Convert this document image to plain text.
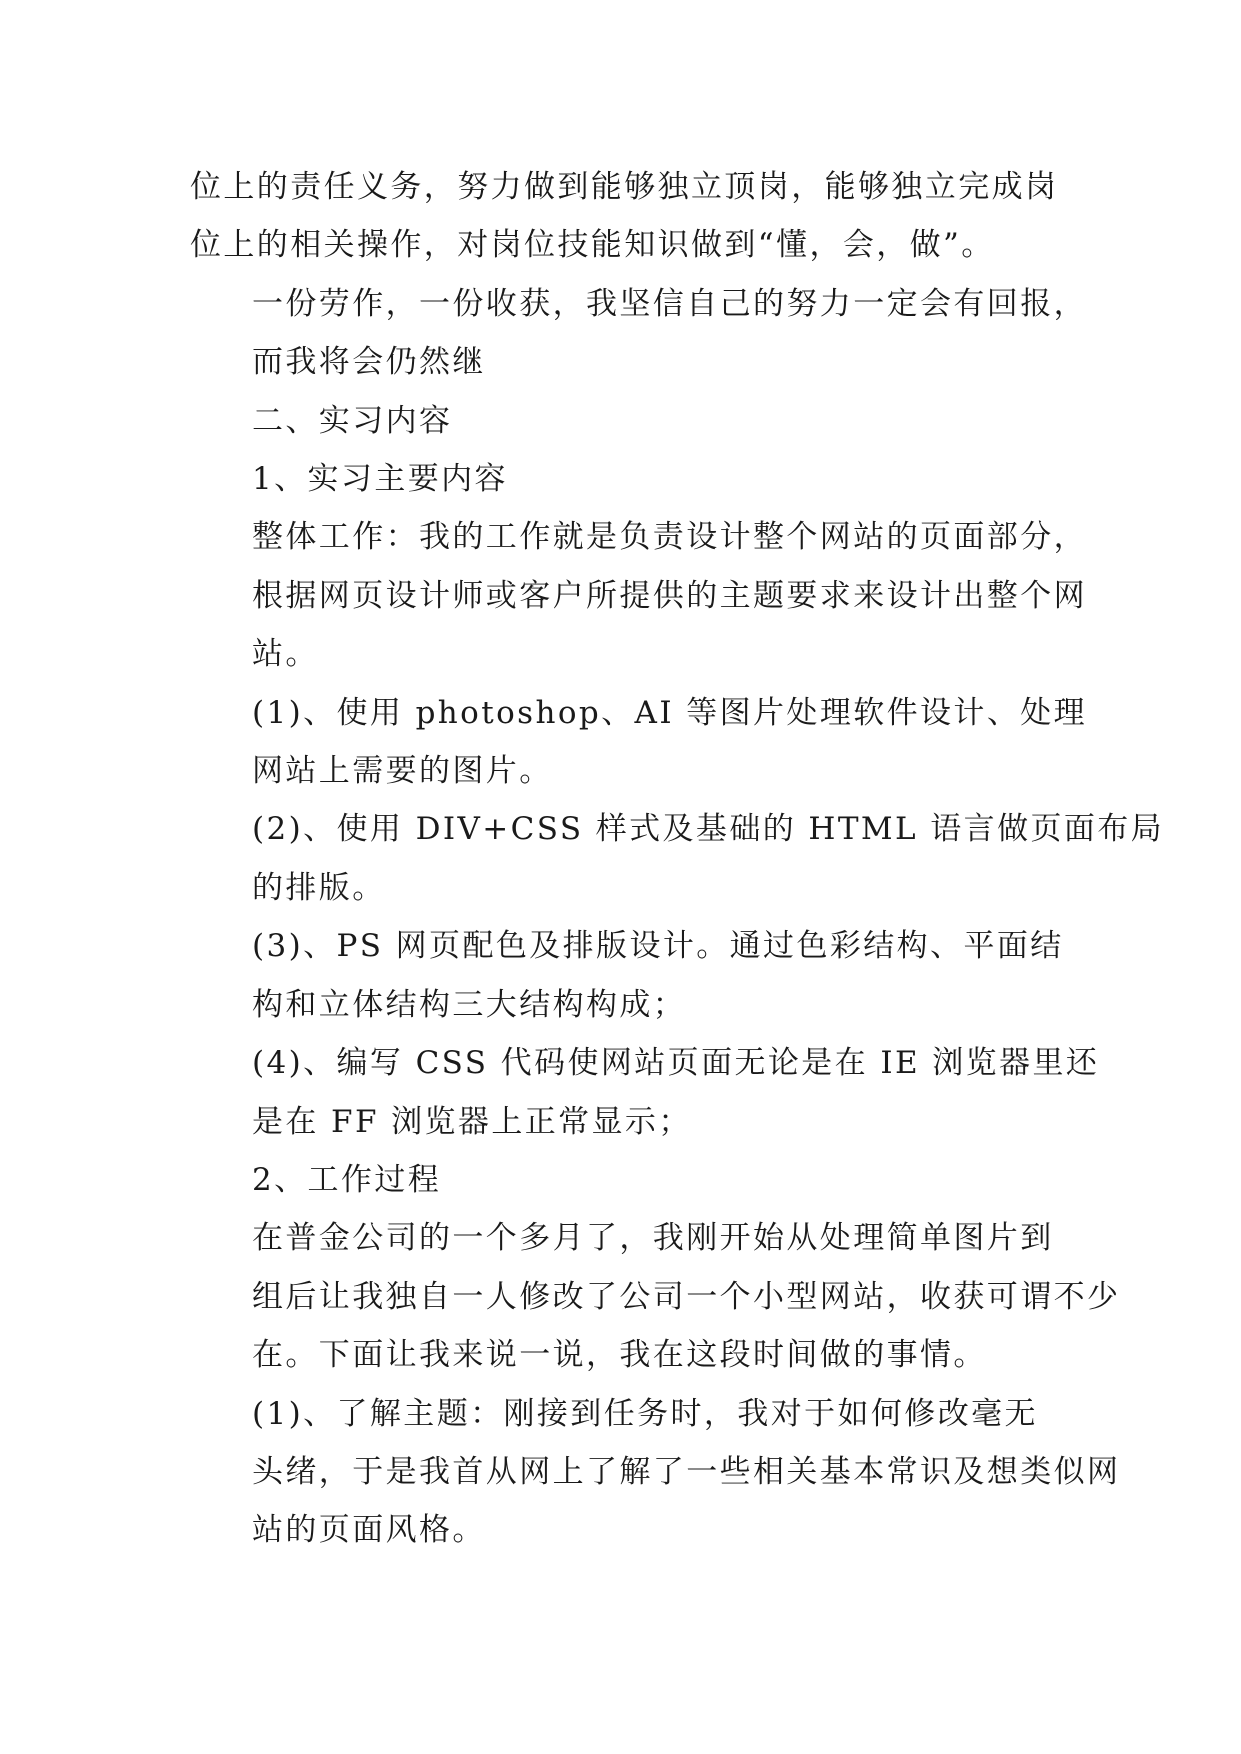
位上的责任义务，努力做到能够独立顶岗，能够独立完成岗
位上的相关操作，对岗位技能知识做到“懂，会，做”。

一份劳作，一份收获，我坚信自己的努力一定会有回报，
而我将会仍然继

二、实习内容

1、实习主要内容

整体工作：我的工作就是负责设计整个网站的页面部分，
根据网页设计师或客户所提供的主题要求来设计出整个网
站。

(1)、使用 photoshop、AI 等图片处理软件设计、处理
网站上需要的图片。

(2)、使用 DIV+CSS 样式及基础的 HTML 语言做页面布局
的排版。

(3)、PS 网页配色及排版设计。通过色彩结构、平面结
构和立体结构三大结构构成；

(4)、编写 CSS 代码使网站页面无论是在 IE 浏览器里还
是在 FF 浏览器上正常显示；

2、工作过程

在普金公司的一个多月了，我刚开始从处理简单图片到
组后让我独自一人修改了公司一个小型网站，收获可谓不少
在。下面让我来说一说，我在这段时间做的事情。

(1)、了解主题：刚接到任务时，我对于如何修改毫无
头绪，于是我首从网上了解了一些相关基本常识及想类似网
站的页面风格。
